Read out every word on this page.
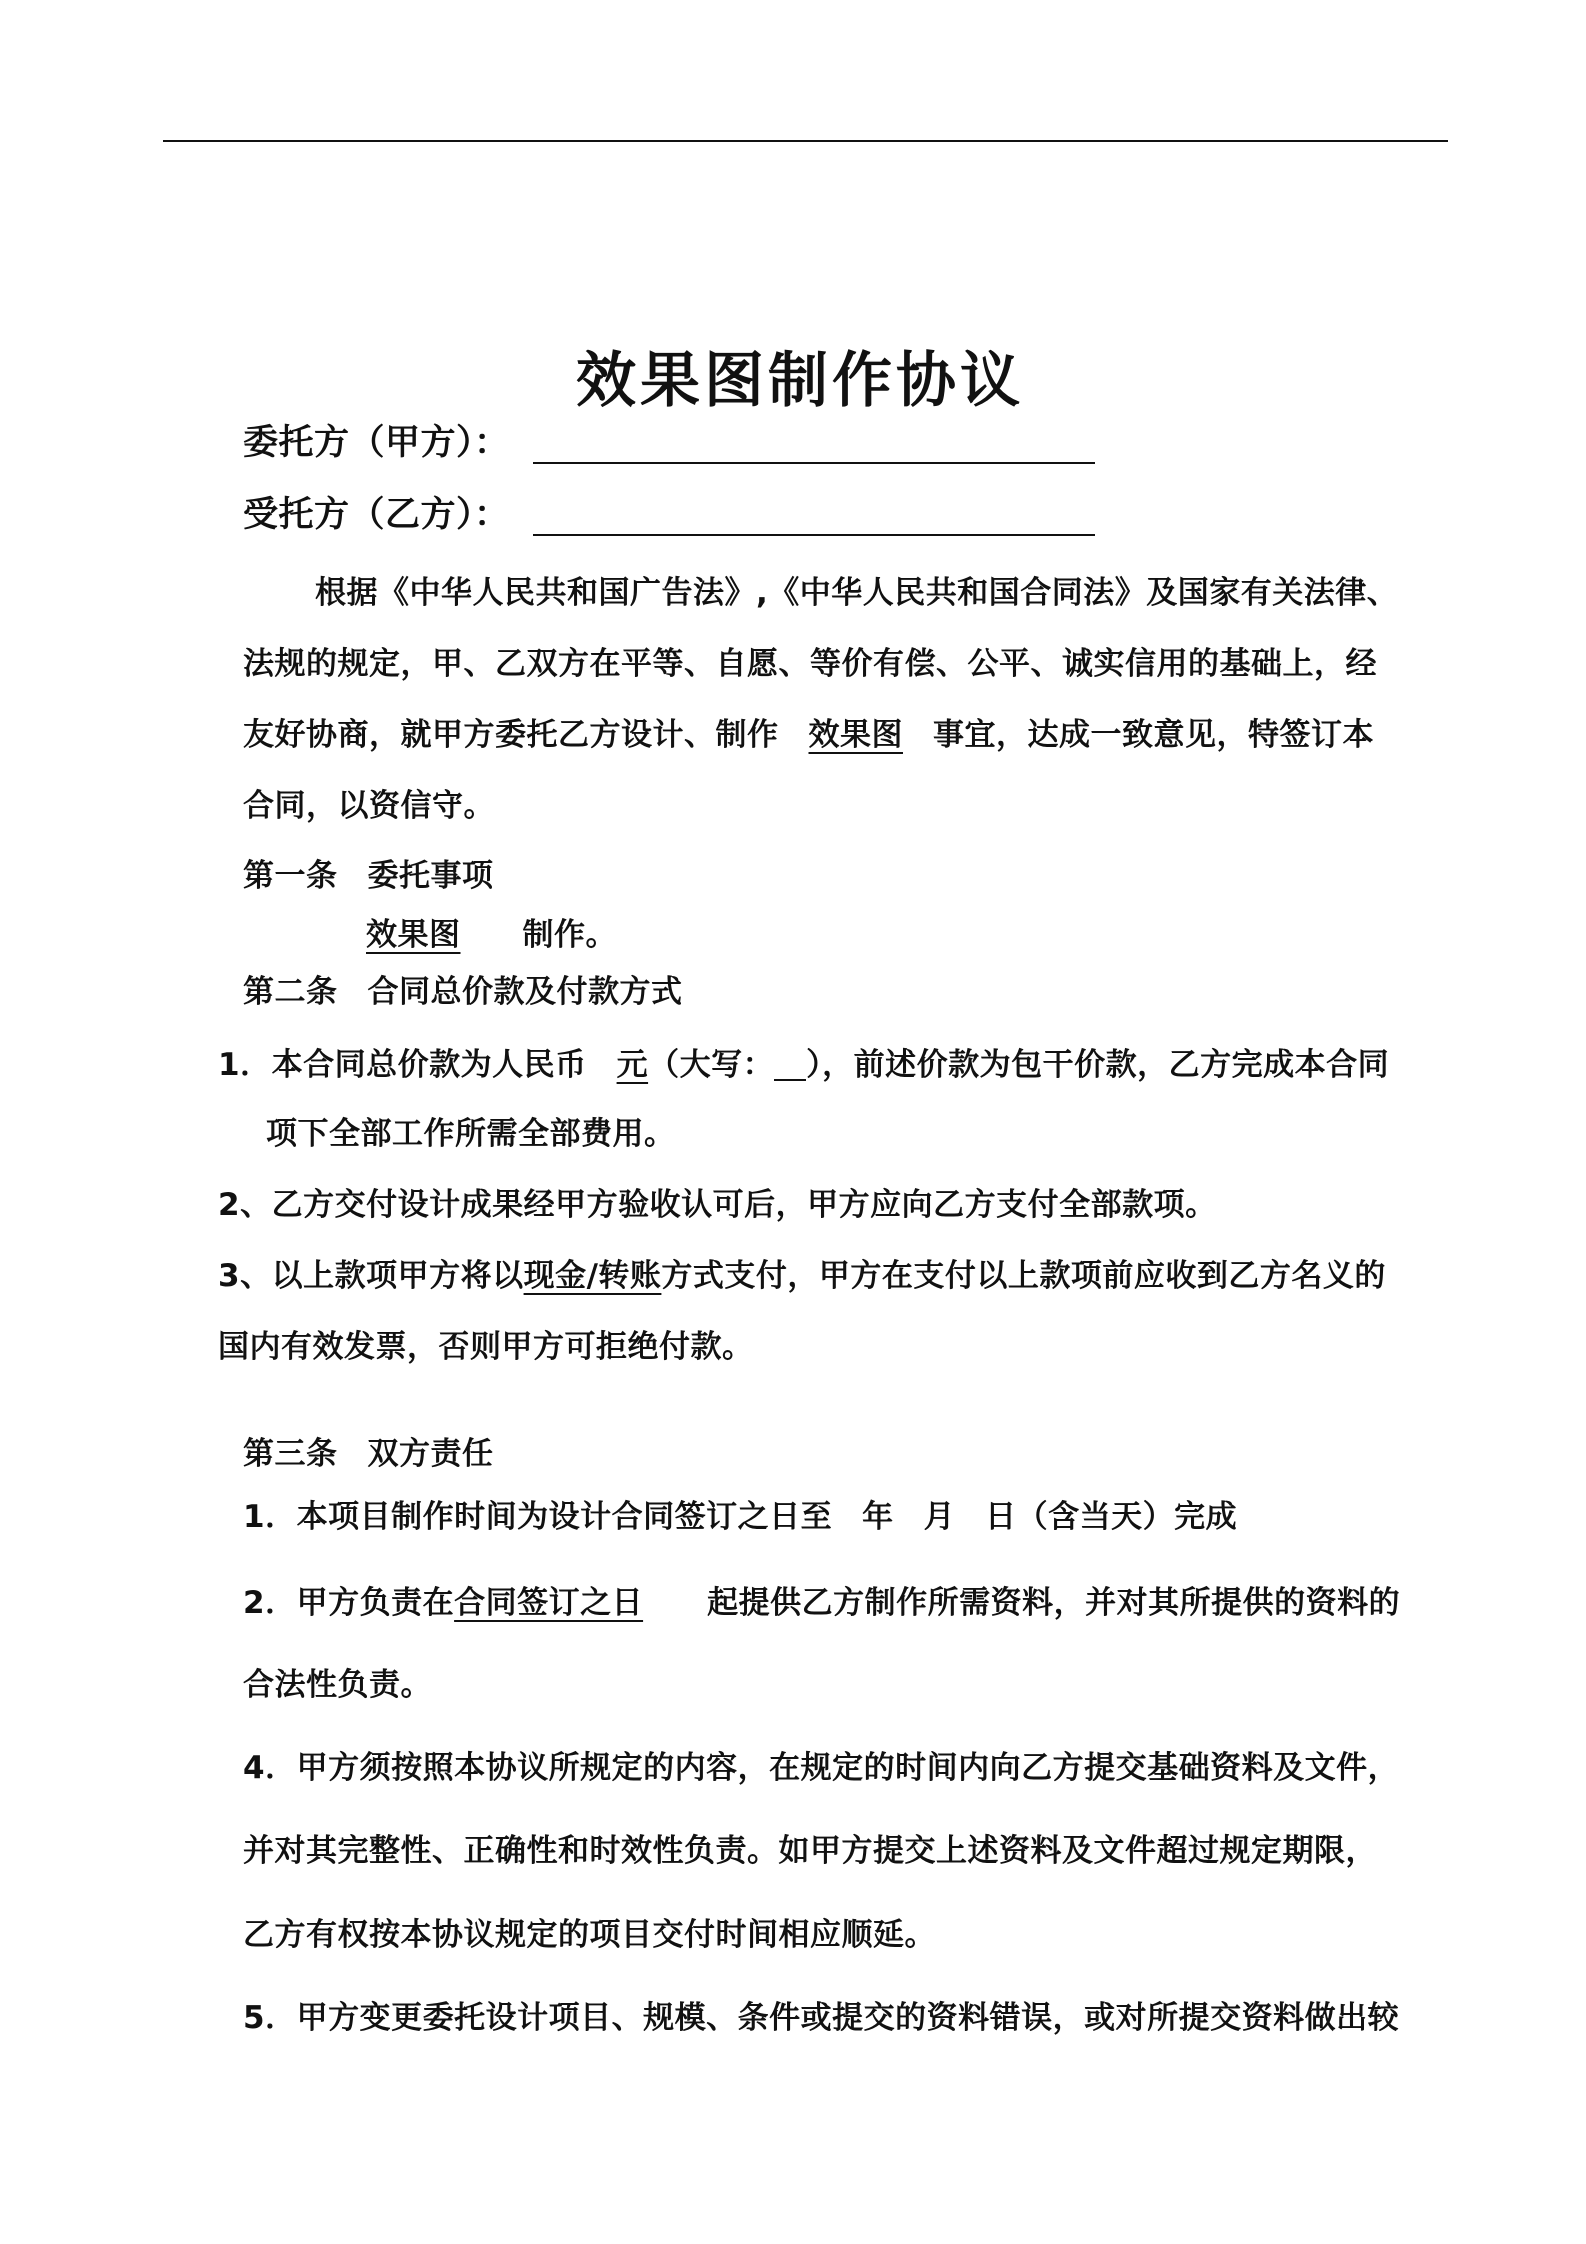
效果图制作协议
委托方（甲方）：
受托方（乙方）：
根据《中华人民共和国广告法》,《中华人民共和国合同法》及国家有关法律、
法规的规定，甲、乙双方在平等、自愿、等价有偿、公平、诚实信用的基础上，经
友好协商，就甲方委托乙方设计、制作 效果图 事宜，达成一致意见，特签订本
合同，以资信守。
第一条 委托事项
效果图 制作。
第二条 合同总价款及付款方式
1．本合同总价款为人民币 元（大写： ），前述价款为包干价款，乙方完成本合同
项下全部工作所需全部费用。
2、乙方交付设计成果经甲方验收认可后，甲方应向乙方支付全部款项。
3、以上款项甲方将以现金/转账方式支付，甲方在支付以上款项前应收到乙方名义的
国内有效发票，否则甲方可拒绝付款。
第三条 双方责任
1．本项目制作时间为设计合同签订之日至 年 月 日（含当天）完成
2．甲方负责在合同签订之日 起提供乙方制作所需资料，并对其所提供的资料的
合法性负责。
4．甲方须按照本协议所规定的内容，在规定的时间内向乙方提交基础资料及文件，
并对其完整性、正确性和时效性负责。如甲方提交上述资料及文件超过规定期限，
乙方有权按本协议规定的项目交付时间相应顺延。
5．甲方变更委托设计项目、规模、条件或提交的资料错误，或对所提交资料做出较
